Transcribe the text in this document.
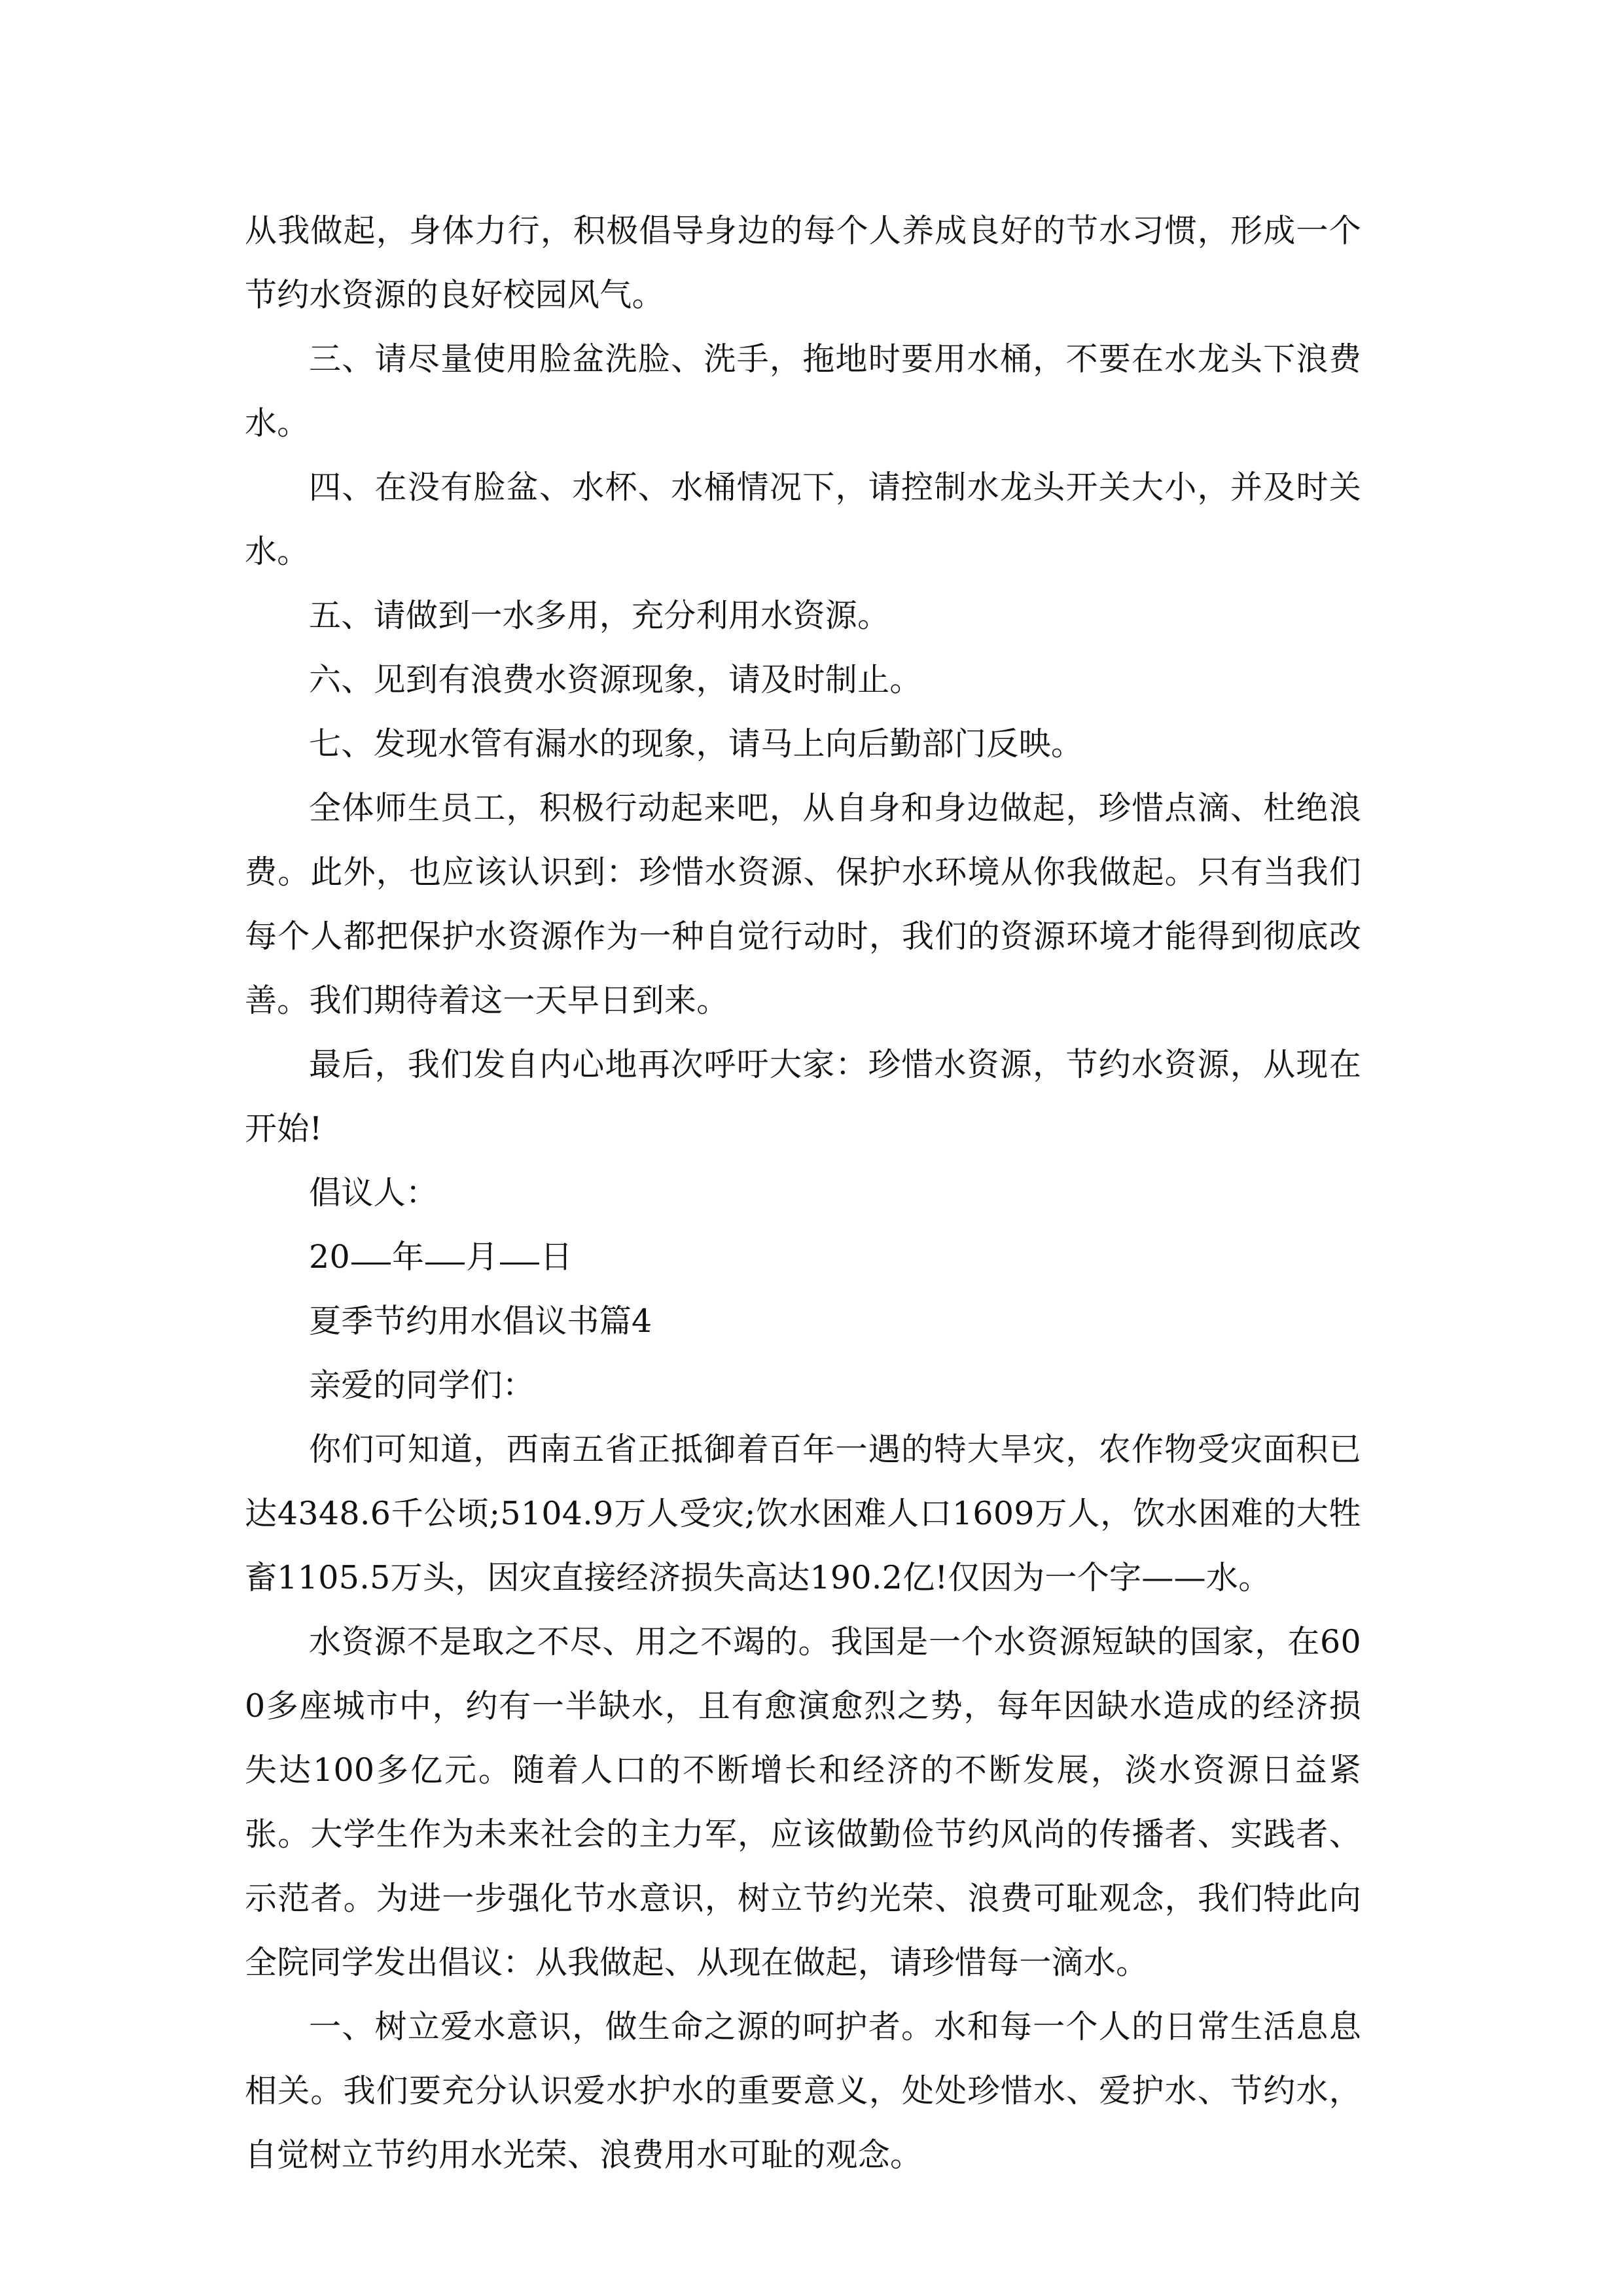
从我做起，身体力行，积极倡导身边的每个人养成良好的节水习惯，形成一个节约水资源的良好校园风气。

三、请尽量使用脸盆洗脸、洗手，拖地时要用水桶，不要在水龙头下浪费水。

四、在没有脸盆、水杯、水桶情况下，请控制水龙头开关大小，并及时关水。

五、请做到一水多用，充分利用水资源。

六、见到有浪费水资源现象，请及时制止。

七、发现水管有漏水的现象，请马上向后勤部门反映。

全体师生员工，积极行动起来吧，从自身和身边做起，珍惜点滴、杜绝浪费。此外，也应该认识到：珍惜水资源、保护水环境从你我做起。只有当我们每个人都把保护水资源作为一种自觉行动时，我们的资源环境才能得到彻底改善。我们期待着这一天早日到来。

最后，我们发自内心地再次呼吁大家：珍惜水资源，节约水资源，从现在开始!

倡议人：

20 年 月 日

夏季节约用水倡议书篇4

亲爱的同学们：

你们可知道，西南五省正抵御着百年一遇的特大旱灾，农作物受灾面积已达4348.6千公顷;5104.9万人受灾;饮水困难人口1609万人，饮水困难的大牲畜1105.5万头，因灾直接经济损失高达190.2亿!仅因为一个字——水。

水资源不是取之不尽、用之不竭的。我国是一个水资源短缺的国家，在600多座城市中，约有一半缺水，且有愈演愈烈之势，每年因缺水造成的经济损失达100多亿元。随着人口的不断增长和经济的不断发展，淡水资源日益紧张。大学生作为未来社会的主力军，应该做勤俭节约风尚的传播者、实践者、示范者。为进一步强化节水意识，树立节约光荣、浪费可耻观念，我们特此向全院同学发出倡议：从我做起、从现在做起，请珍惜每一滴水。

一、树立爱水意识，做生命之源的呵护者。水和每一个人的日常生活息息相关。我们要充分认识爱水护水的重要意义，处处珍惜水、爱护水、节约水，自觉树立节约用水光荣、浪费用水可耻的观念。
